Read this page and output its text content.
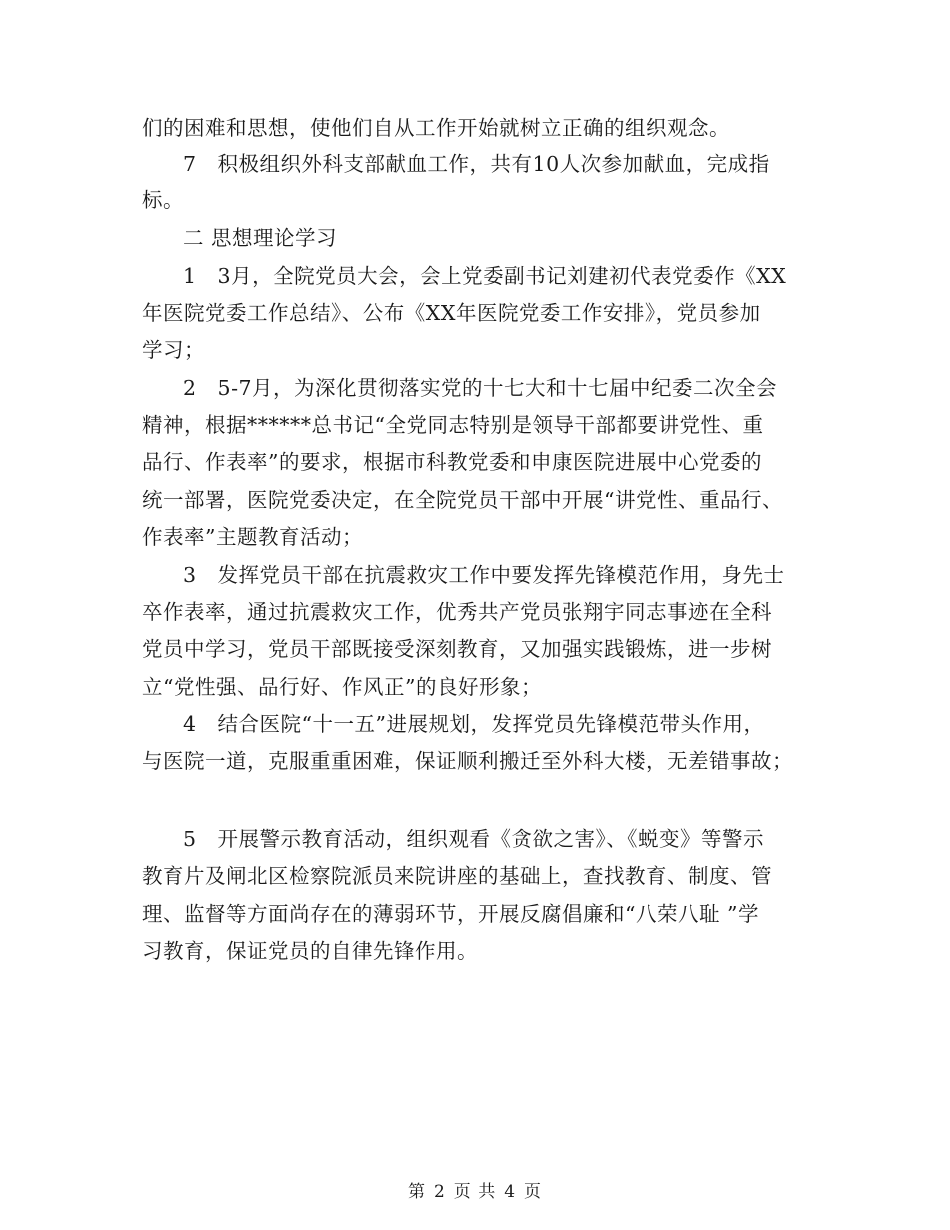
们的困难和思想，使他们自从工作开始就树立正确的组织观念。
7　积极组织外科支部献血工作，共有10人次参加献血，完成指
标。
二 思想理论学习
1　3月，全院党员大会，会上党委副书记刘建初代表党委作《XX
年医院党委工作总结》、公布《XX年医院党委工作安排》，党员参加
学习；
2　5-7月，为深化贯彻落实党的十七大和十七届中纪委二次全会
精神，根据******总书记“全党同志特别是领导干部都要讲党性、重
品行、作表率”的要求，根据市科教党委和申康医院进展中心党委的
统一部署，医院党委决定，在全院党员干部中开展“讲党性、重品行、
作表率”主题教育活动；
3　发挥党员干部在抗震救灾工作中要发挥先锋模范作用，身先士
卒作表率，通过抗震救灾工作，优秀共产党员张翔宇同志事迹在全科
党员中学习，党员干部既接受深刻教育，又加强实践锻炼，进一步树
立“党性强、品行好、作风正”的良好形象；
4　结合医院“十一五”进展规划，发挥党员先锋模范带头作用，
与医院一道，克服重重困难，保证顺利搬迁至外科大楼，无差错事故；
5　开展警示教育活动，组织观看《贪欲之害》、《蜕变》等警示
教育片及闸北区检察院派员来院讲座的基础上，查找教育、制度、管
理、监督等方面尚存在的薄弱环节，开展反腐倡廉和“八荣八耻 ”学
习教育，保证党员的自律先锋作用。
第 2 页 共 4 页
